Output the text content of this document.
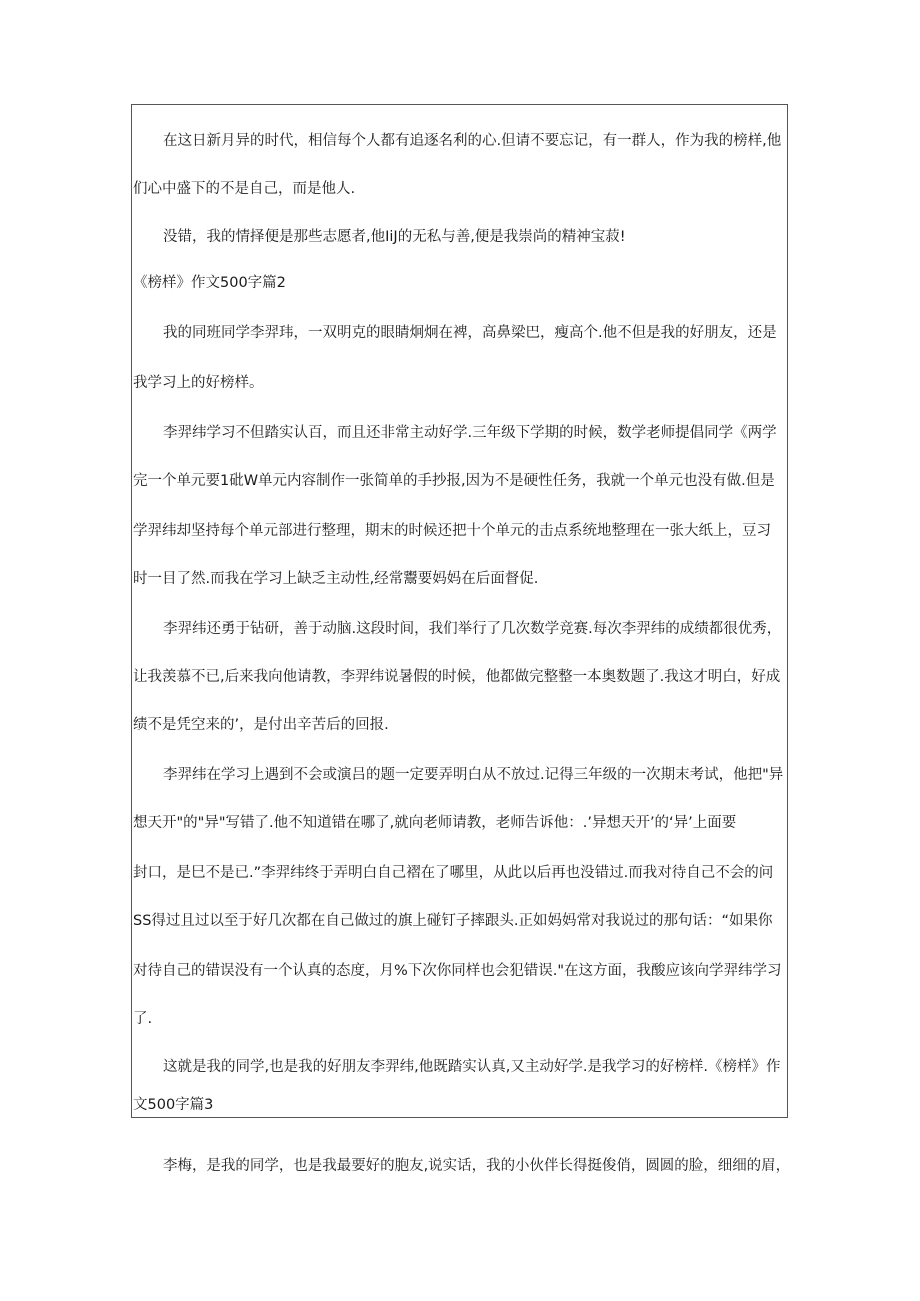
在这日新月异的时代，相信每个人都有追逐名利的心.但请不要忘记，有一群人，作为我的榜样,他
们心中盛下的不是自己，而是他人.
没错，我的情择便是那些志愿者,他IiJ的无私与善,便是我崇尚的精神宝菽!
《榜样》作文500字篇2
我的同班同学李羿玮，一双明克的眼睛炯炯在裨，高鼻梁巴，瘦高个.他不但是我的好朋友，还是
我学习上的好榜样。
李羿纬学习不但踏实认百，而且还非常主动好学.三年级下学期的时候，数学老师提倡同学《两学
完一个单元要1砒W单元内容制作一张简单的手抄报,因为不是硬性任务，我就一个单元也没有做.但是
学羿纬却坚持每个单元部进行整理，期末的时候还把十个单元的击点系统地整理在一张大纸上，豆习
时一目了然.而我在学习上缺乏主动性,经常鬻要妈妈在后面督促.
李羿纬还勇于钻研，善于动脑.这段时间，我们举行了几次数学竞赛.每次李羿纬的成绩都很优秀，
让我羡慕不已,后来我向他请教，李羿纬说暑假的时候，他都做完整整一本奥数题了.我这才明白，好成
绩不是凭空来的’，是付出辛苦后的回报.
李羿纬在学习上遇到不会或演吕的题一定要弄明白从不放过.记得三年级的一次期末考试，他把"异
想天开"的"异"写错了.他不知道错在哪了,就向老师请教，老师告诉他：.’异想天开’的‘异’上面要
封口，是巳不是已.”李羿纬终于弄明白自己褶在了哪里，从此以后再也没错过.而我对待自己不会的问
SS得过且过以至于好几次都在自己做过的旗上碰钉子摔跟头.正如妈妈常对我说过的那句话：“如果你
对待自己的错误没有一个认真的态度，月%下次你同样也会犯错误."在这方面，我酸应该向学羿纬学习
了.
这就是我的同学,也是我的好朋友李羿纬,他既踏实认真,又主动好学.是我学习的好榜样.《榜样》作
文500字篇3
李梅，是我的同学，也是我最要好的胞友,说实话，我的小伙伴长得挺俊俏，圆圆的脸，细细的眉，
